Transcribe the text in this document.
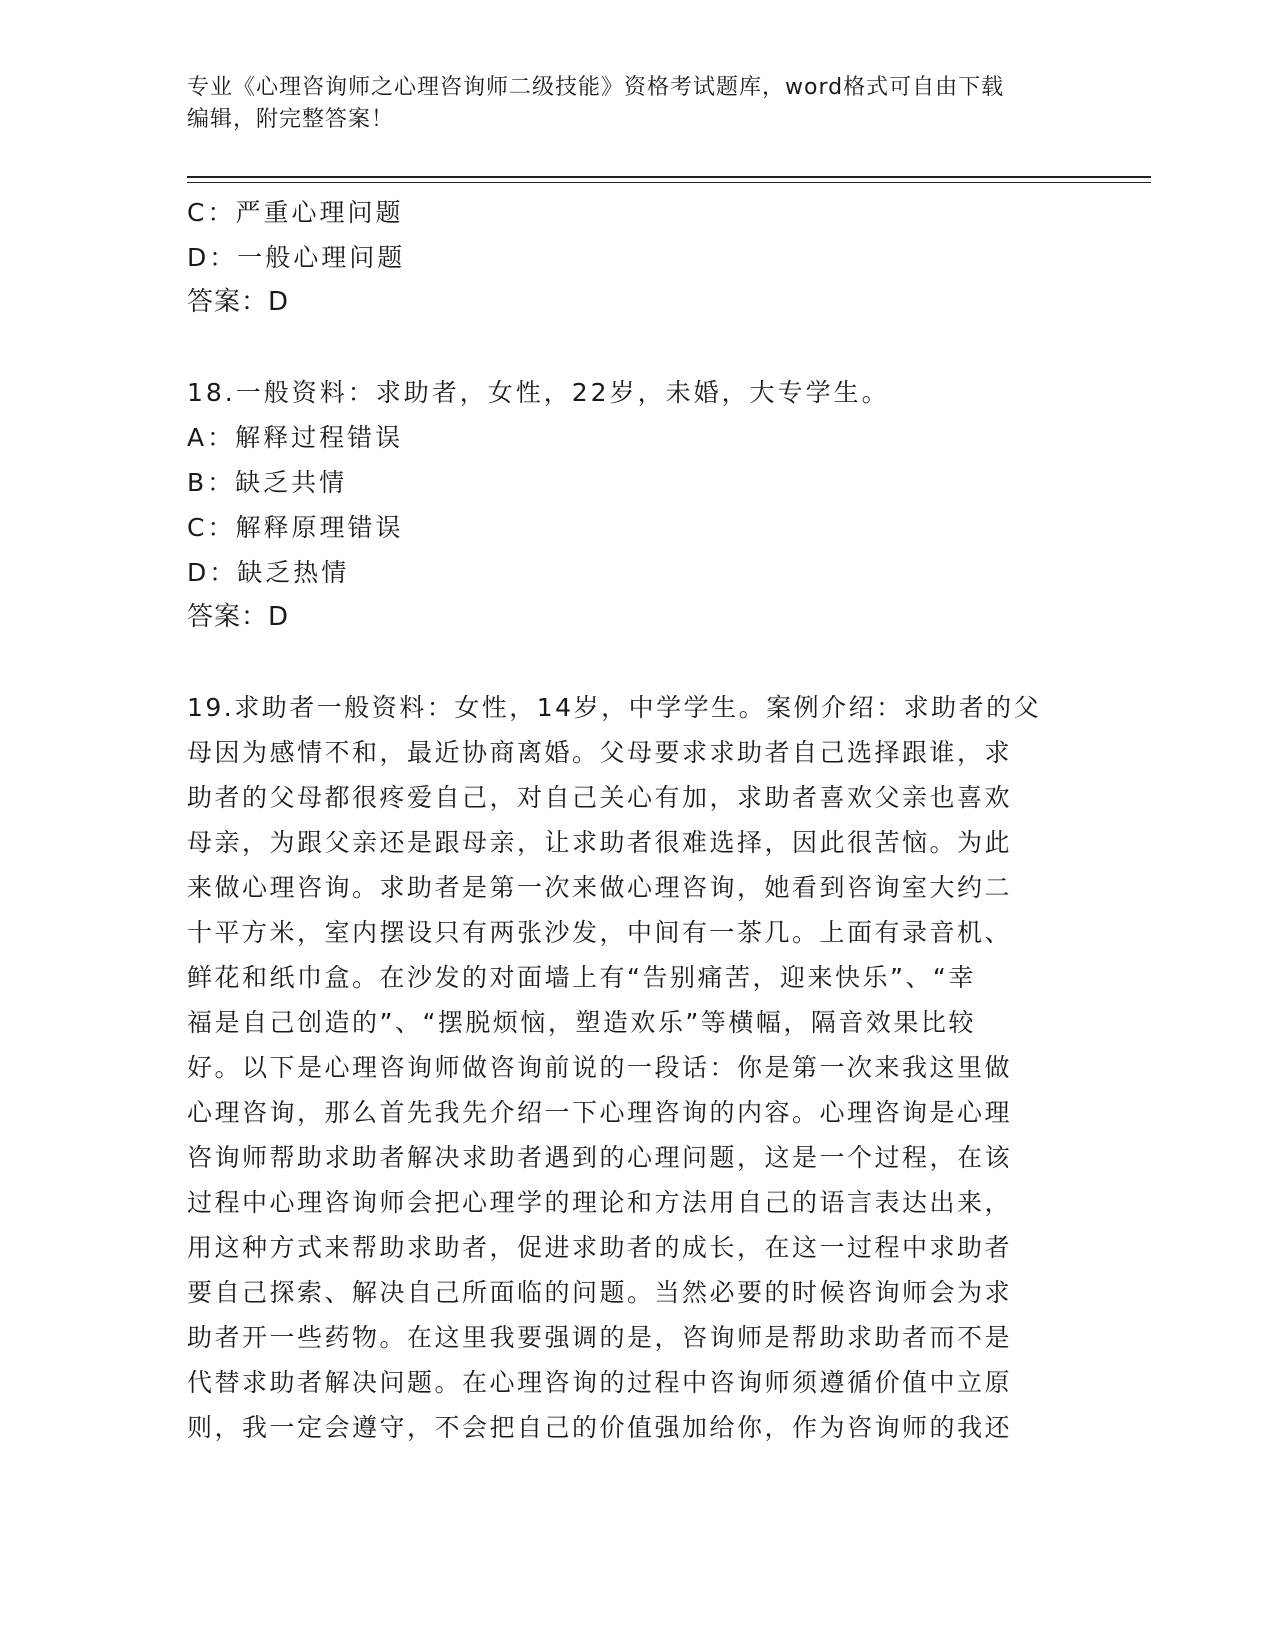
专业《心理咨询师之心理咨询师二级技能》资格考试题库，word格式可自由下载
编辑，附完整答案！
C：严重心理问题
D：一般心理问题
答案：D
18.一般资料：求助者，女性，22岁，未婚，大专学生。
A：解释过程错误
B：缺乏共情
C：解释原理错误
D：缺乏热情
答案：D
19.求助者一般资料：女性，14岁，中学学生。案例介绍：求助者的父
母因为感情不和，最近协商离婚。父母要求求助者自己选择跟谁，求
助者的父母都很疼爱自己，对自己关心有加，求助者喜欢父亲也喜欢
母亲，为跟父亲还是跟母亲，让求助者很难选择，因此很苦恼。为此
来做心理咨询。求助者是第一次来做心理咨询，她看到咨询室大约二
十平方米，室内摆设只有两张沙发，中间有一茶几。上面有录音机、
鲜花和纸巾盒。在沙发的对面墙上有“告别痛苦，迎来快乐”、“幸
福是自己创造的”、“摆脱烦恼，塑造欢乐”等横幅，隔音效果比较
好。以下是心理咨询师做咨询前说的一段话：你是第一次来我这里做
心理咨询，那么首先我先介绍一下心理咨询的内容。心理咨询是心理
咨询师帮助求助者解决求助者遇到的心理问题，这是一个过程，在该
过程中心理咨询师会把心理学的理论和方法用自己的语言表达出来，
用这种方式来帮助求助者，促进求助者的成长，在这一过程中求助者
要自己探索、解决自己所面临的问题。当然必要的时候咨询师会为求
助者开一些药物。在这里我要强调的是，咨询师是帮助求助者而不是
代替求助者解决问题。在心理咨询的过程中咨询师须遵循价值中立原
则，我一定会遵守，不会把自己的价值强加给你，作为咨询师的我还
